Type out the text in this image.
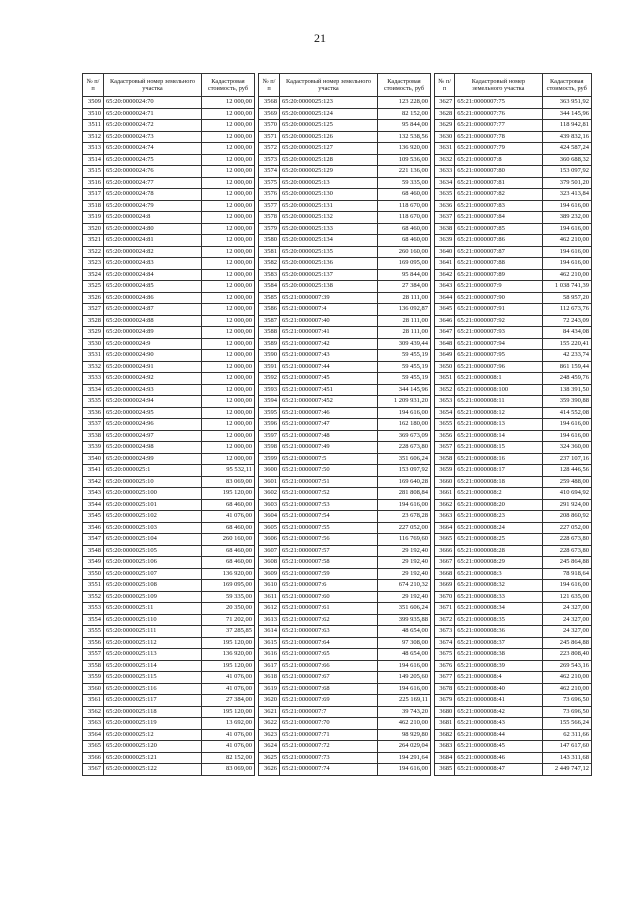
21
№ п/п	Кадастровый номер земельного участка	Кадастровая стоимость, руб
3509	65:20:0000024:70	12 000,00
3510	65:20:0000024:71	12 000,00
3511	65:20:0000024:72	12 000,00
3512	65:20:0000024:73	12 000,00
3513	65:20:0000024:74	12 000,00
3514	65:20:0000024:75	12 000,00
3515	65:20:0000024:76	12 000,00
3516	65:20:0000024:77	12 000,00
3517	65:20:0000024:78	12 000,00
3518	65:20:0000024:79	12 000,00
3519	65:20:0000024:8	12 000,00
3520	65:20:0000024:80	12 000,00
3521	65:20:0000024:81	12 000,00
3522	65:20:0000024:82	12 000,00
3523	65:20:0000024:83	12 000,00
3524	65:20:0000024:84	12 000,00
3525	65:20:0000024:85	12 000,00
3526	65:20:0000024:86	12 000,00
3527	65:20:0000024:87	12 000,00
3528	65:20:0000024:88	12 000,00
3529	65:20:0000024:89	12 000,00
3530	65:20:0000024:9	12 000,00
3531	65:20:0000024:90	12 000,00
3532	65:20:0000024:91	12 000,00
3533	65:20:0000024:92	12 000,00
3534	65:20:0000024:93	12 000,00
3535	65:20:0000024:94	12 000,00
3536	65:20:0000024:95	12 000,00
3537	65:20:0000024:96	12 000,00
3538	65:20:0000024:97	12 000,00
3539	65:20:0000024:98	12 000,00
3540	65:20:0000024:99	12 000,00
3541	65:20:0000025:1	95 532,11
3542	65:20:0000025:10	83 069,00
3543	65:20:0000025:100	195 120,00
3544	65:20:0000025:101	68 460,00
3545	65:20:0000025:102	41 076,00
3546	65:20:0000025:103	68 460,00
3547	65:20:0000025:104	260 160,00
3548	65:20:0000025:105	68 460,00
3549	65:20:0000025:106	68 460,00
3550	65:20:0000025:107	136 920,00
3551	65:20:0000025:108	169 095,00
3552	65:20:0000025:109	59 335,00
3553	65:20:0000025:11	20 350,00
3554	65:20:0000025:110	71 202,00
3555	65:20:0000025:111	37 285,85
3556	65:20:0000025:112	195 120,00
3557	65:20:0000025:113	136 920,00
3558	65:20:0000025:114	195 120,00
3559	65:20:0000025:115	41 076,00
3560	65:20:0000025:116	41 076,00
3561	65:20:0000025:117	27 384,00
3562	65:20:0000025:118	195 120,00
3563	65:20:0000025:119	13 692,00
3564	65:20:0000025:12	41 076,00
3565	65:20:0000025:120	41 076,00
3566	65:20:0000025:121	82 152,00
3567	65:20:0000025:122	83 069,00
№ п/п	Кадастровый номер земельного участка	Кадастровая стоимость, руб
3568	65:20:0000025:123	123 228,00
3569	65:20:0000025:124	82 152,00
3570	65:20:0000025:125	95 844,00
3571	65:20:0000025:126	132 538,56
3572	65:20:0000025:127	136 920,00
3573	65:20:0000025:128	109 536,00
3574	65:20:0000025:129	221 136,00
3575	65:20:0000025:13	59 335,00
3576	65:20:0000025:130	68 460,00
3577	65:20:0000025:131	118 670,00
3578	65:20:0000025:132	118 670,00
3579	65:20:0000025:133	68 460,00
3580	65:20:0000025:134	68 460,00
3581	65:20:0000025:135	260 160,00
3582	65:20:0000025:136	169 095,00
3583	65:20:0000025:137	95 844,00
3584	65:20:0000025:138	27 384,00
3585	65:21:0000007:39	28 111,00
3586	65:21:0000007:4	136 092,87
3587	65:21:0000007:40	28 111,00
3588	65:21:0000007:41	28 111,00
3589	65:21:0000007:42	309 439,44
3590	65:21:0000007:43	59 455,19
3591	65:21:0000007:44	59 455,19
3592	65:21:0000007:45	59 455,19
3593	65:21:0000007:451	344 145,96
3594	65:21:0000007:452	1 209 931,20
3595	65:21:0000007:46	194 616,00
3596	65:21:0000007:47	162 180,00
3597	65:21:0000007:48	369 673,09
3598	65:21:0000007:49	228 673,80
3599	65:21:0000007:5	351 606,24
3600	65:21:0000007:50	153 097,92
3601	65:21:0000007:51	169 640,28
3602	65:21:0000007:52	281 808,84
3603	65:21:0000007:53	194 616,00
3604	65:21:0000007:54	23 678,28
3605	65:21:0000007:55	227 052,00
3606	65:21:0000007:56	116 769,60
3607	65:21:0000007:57	29 192,40
3608	65:21:0000007:58	29 192,40
3609	65:21:0000007:59	29 192,40
3610	65:21:0000007:6	674 210,32
3611	65:21:0000007:60	29 192,40
3612	65:21:0000007:61	351 606,24
3613	65:21:0000007:62	399 935,88
3614	65:21:0000007:63	48 654,00
3615	65:21:0000007:64	97 308,00
3616	65:21:0000007:65	48 654,00
3617	65:21:0000007:66	194 616,00
3618	65:21:0000007:67	149 205,60
3619	65:21:0000007:68	194 616,00
3620	65:21:0000007:69	225 169,11
3621	65:21:0000007:7	39 743,20
3622	65:21:0000007:70	462 210,00
3623	65:21:0000007:71	98 929,80
3624	65:21:0000007:72	264 029,04
3625	65:21:0000007:73	194 291,64
3626	65:21:0000007:74	194 616,00
№ п/п	Кадастровый номер земельного участка	Кадастровая стоимость, руб
3627	65:21:0000007:75	363 951,92
3628	65:21:0000007:76	344 145,96
3629	65:21:0000007:77	118 942,81
3630	65:21:0000007:78	439 832,16
3631	65:21:0000007:79	424 587,24
3632	65:21:0000007:8	360 688,32
3633	65:21:0000007:80	153 097,92
3634	65:21:0000007:81	379 501,20
3635	65:21:0000007:82	323 413,84
3636	65:21:0000007:83	194 616,00
3637	65:21:0000007:84	389 232,00
3638	65:21:0000007:85	194 616,00
3639	65:21:0000007:86	462 210,00
3640	65:21:0000007:87	194 616,00
3641	65:21:0000007:88	194 616,00
3642	65:21:0000007:89	462 210,00
3643	65:21:0000007:9	1 038 741,39
3644	65:21:0000007:90	58 957,20
3645	65:21:0000007:91	112 673,76
3646	65:21:0000007:92	72 243,09
3647	65:21:0000007:93	84 434,08
3648	65:21:0000007:94	155 220,41
3649	65:21:0000007:95	42 233,74
3650	65:21:0000007:96	861 159,44
3651	65:21:0000008:1	248 459,76
3652	65:21:0000008:100	138 391,50
3653	65:21:0000008:11	359 390,88
3654	65:21:0000008:12	414 552,08
3655	65:21:0000008:13	194 616,00
3656	65:21:0000008:14	194 616,00
3657	65:21:0000008:15	324 360,00
3658	65:21:0000008:16	237 107,16
3659	65:21:0000008:17	128 446,56
3660	65:21:0000008:18	259 488,00
3661	65:21:0000008:2	410 694,92
3662	65:21:0000008:20	291 924,00
3663	65:21:0000008:23	208 860,92
3664	65:21:0000008:24	227 052,00
3665	65:21:0000008:25	228 673,80
3666	65:21:0000008:28	228 673,80
3667	65:21:0000008:29	245 864,88
3668	65:21:0000008:3	78 918,64
3669	65:21:0000008:32	194 616,00
3670	65:21:0000008:33	121 635,00
3671	65:21:0000008:34	24 327,00
3672	65:21:0000008:35	24 327,00
3673	65:21:0000008:36	24 327,00
3674	65:21:0000008:37	245 864,88
3675	65:21:0000008:38	223 808,40
3676	65:21:0000008:39	269 543,16
3677	65:21:0000008:4	462 210,00
3678	65:21:0000008:40	462 210,00
3679	65:21:0000008:41	73 696,50
3680	65:21:0000008:42	73 696,50
3681	65:21:0000008:43	155 566,24
3682	65:21:0000008:44	62 311,66
3683	65:21:0000008:45	147 617,60
3684	65:21:0000008:46	143 311,68
3685	65:21:0000008:47	2 449 747,12
